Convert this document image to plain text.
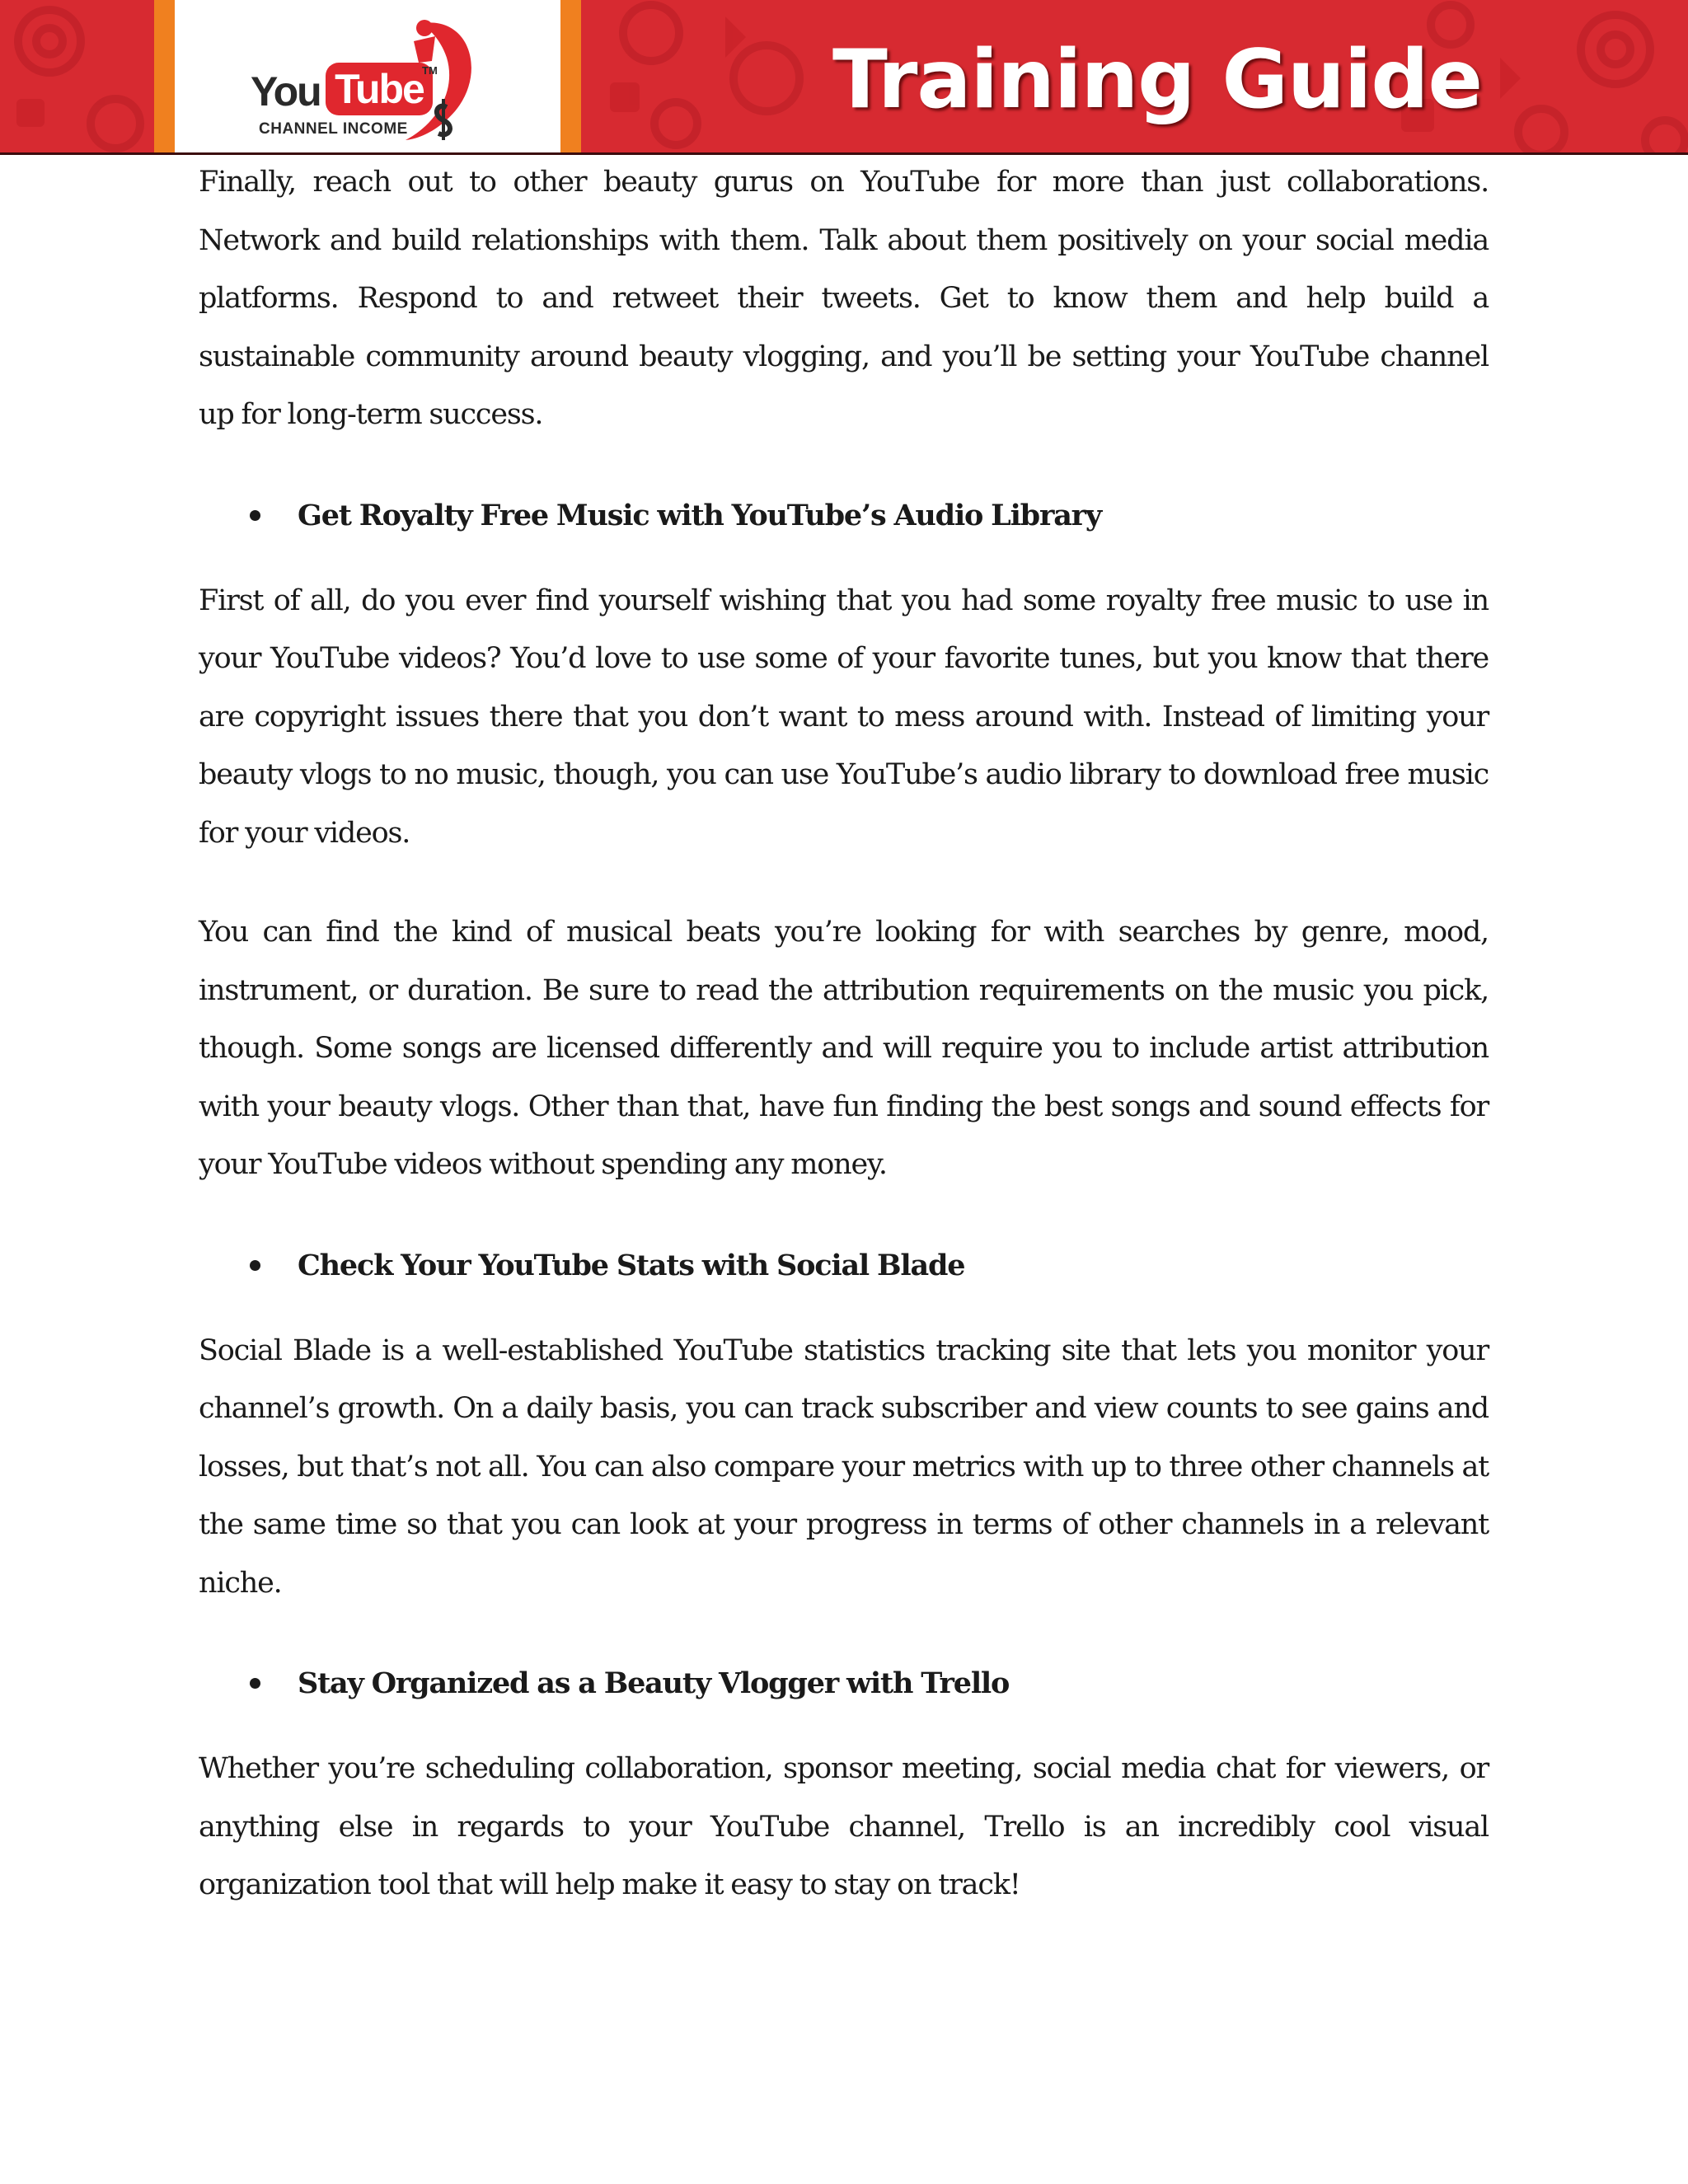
You Tube
TM
CHANNEL INCOME
Training Guide

Finally, reach out to other beauty gurus on YouTube for more than just collaborations. Network and build relationships with them. Talk about them positively on your social media platforms. Respond to and retweet their tweets. Get to know them and help build a sustainable community around beauty vlogging, and you’ll be setting your YouTube channel up for long-term success.

Get Royalty Free Music with YouTube’s Audio Library

First of all, do you ever find yourself wishing that you had some royalty free music to use in your YouTube videos? You’d love to use some of your favorite tunes, but you know that there are copyright issues there that you don’t want to mess around with. Instead of limiting your beauty vlogs to no music, though, you can use YouTube’s audio library to download free music for your videos.

You can find the kind of musical beats you’re looking for with searches by genre, mood, instrument, or duration. Be sure to read the attribution requirements on the music you pick, though. Some songs are licensed differently and will require you to include artist attribution with your beauty vlogs. Other than that, have fun finding the best songs and sound effects for your YouTube videos without spending any money.

Check Your YouTube Stats with Social Blade

Social Blade is a well-established YouTube statistics tracking site that lets you monitor your channel’s growth. On a daily basis, you can track subscriber and view counts to see gains and losses, but that’s not all. You can also compare your metrics with up to three other channels at the same time so that you can look at your progress in terms of other channels in a relevant niche.

Stay Organized as a Beauty Vlogger with Trello

Whether you’re scheduling collaboration, sponsor meeting, social media chat for viewers, or anything else in regards to your YouTube channel, Trello is an incredibly cool visual organization tool that will help make it easy to stay on track!
